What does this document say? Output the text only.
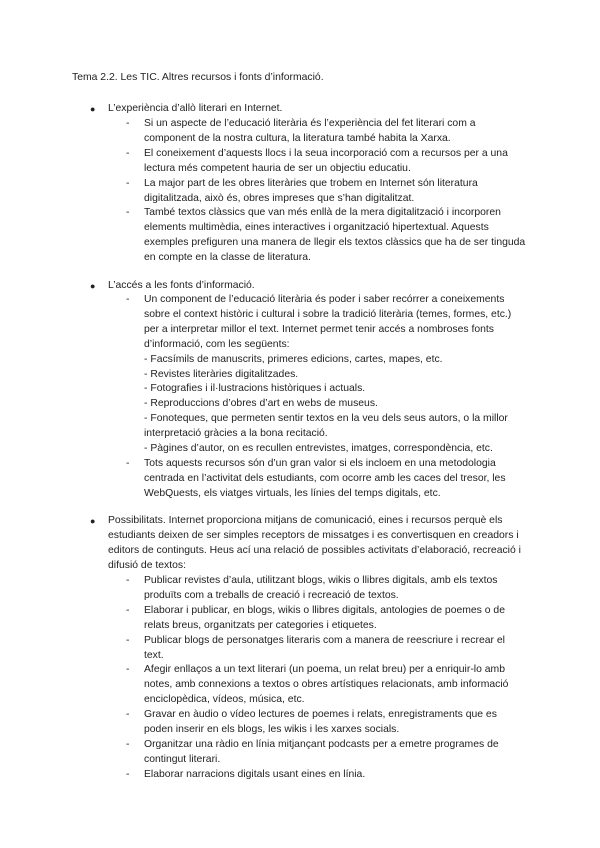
Tema 2.2. Les TIC. Altres recursos i fonts d’informació.
● L’experiència d’allò literari en Internet.
- Si un aspecte de l’educació literària és l’experiència del fet literari com a component de la nostra cultura, la literatura també habita la Xarxa.
- El coneixement d’aquests llocs i la seua incorporació com a recursos per a una lectura més competent hauria de ser un objectiu educatiu.
- La major part de les obres literàries que trobem en Internet són literatura digitalitzada, això és, obres impreses que s’han digitalitzat.
- També textos clàssics que van més enllà de la mera digitalització i incorporen elements multimèdia, eines interactives i organització hipertextual. Aquests exemples prefiguren una manera de llegir els textos clàssics que ha de ser tinguda en compte en la classe de literatura.
● L’accés a les fonts d’informació.
- Un component de l’educació literària és poder i saber recórrer a coneixements sobre el context històric i cultural i sobre la tradició literària (temes, formes, etc.) per a interpretar millor el text. Internet permet tenir accés a nombroses fonts d’informació, com les següents:
- Facsímils de manuscrits, primeres edicions, cartes, mapes, etc.
- Revistes literàries digitalitzades.
- Fotografies i il·lustracions històriques i actuals.
- Reproduccions d’obres d’art en webs de museus.
- Fonoteques, que permeten sentir textos en la veu dels seus autors, o la millor interpretació gràcies a la bona recitació.
- Pàgines d’autor, on es recullen entrevistes, imatges, correspondència, etc.
- Tots aquests recursos són d’un gran valor si els incloem en una metodologia centrada en l’activitat dels estudiants, com ocorre amb les caces del tresor, les WebQuests, els viatges virtuals, les línies del temps digitals, etc.
● Possibilitats. Internet proporciona mitjans de comunicació, eines i recursos perquè els estudiants deixen de ser simples receptors de missatges i es convertisquen en creadors i editors de continguts. Heus ací una relació de possibles activitats d’elaboració, recreació i difusió de textos:
- Publicar revistes d’aula, utilitzant blogs, wikis o llibres digitals, amb els textos produïts com a treballs de creació i recreació de textos.
- Elaborar i publicar, en blogs, wikis o llibres digitals, antologies de poemes o de relats breus, organitzats per categories i etiquetes.
- Publicar blogs de personatges literaris com a manera de reescriure i recrear el text.
- Afegir enllaços a un text literari (un poema, un relat breu) per a enriquir-lo amb notes, amb connexions a textos o obres artístiques relacionats, amb informació enciclopèdica, vídeos, música, etc.
- Gravar en àudio o vídeo lectures de poemes i relats, enregistraments que es poden inserir en els blogs, les wikis i les xarxes socials.
- Organitzar una ràdio en línia mitjançant podcasts per a emetre programes de contingut literari.
- Elaborar narracions digitals usant eines en línia.
